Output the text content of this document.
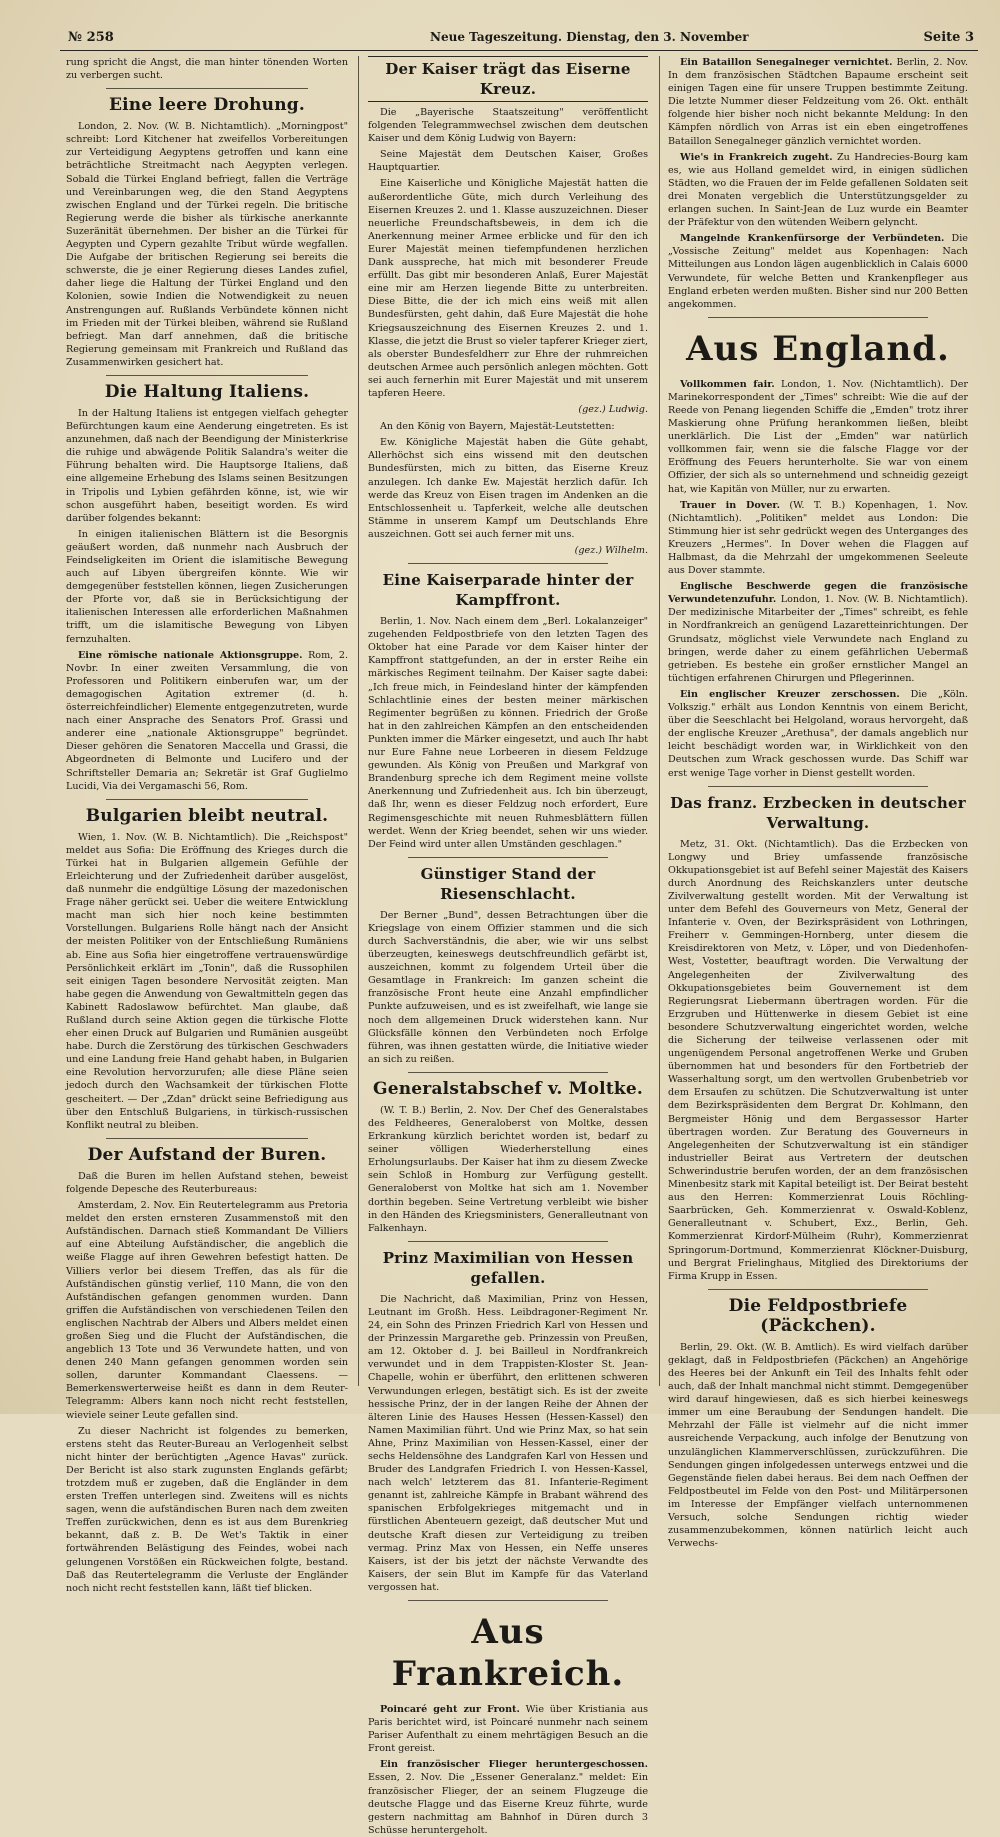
№ 258	Neue Tageszeitung. Dienstag, den 3. November	Seite 3

rung spricht die Angst, die man hinter tönenden Worten zu verbergen sucht.

Eine leere Drohung.

London, 2. Nov. (W. B. Nichtamtlich). „Morningpost" schreibt: Lord Kitchener hat zweifellos Vorbereitungen zur Verteidigung Aegyptens getroffen und kann eine beträchtliche Streitmacht nach Aegypten verlegen. Sobald die Türkei England befriegt, fallen die Verträge und Vereinbarungen weg, die den Stand Aegyptens zwischen England und der Türkei regeln. Die britische Regierung werde die bisher als türkische anerkannte Suzeränität übernehmen. Der bisher an die Türkei für Aegypten und Cypern gezahlte Tribut würde wegfallen. Die Aufgabe der britischen Regierung sei bereits die schwerste, die je einer Regierung dieses Landes zufiel, daher liege die Haltung der Türkei England und den Kolonien, sowie Indien die Notwendigkeit zu neuen Anstrengungen auf. Rußlands Verbündete können nicht im Frieden mit der Türkei bleiben, während sie Rußland befriegt. Man darf annehmen, daß die britische Regierung gemeinsam mit Frankreich und Rußland das Zusammenwirken gesichert hat.

Die Haltung Italiens.

In der Haltung Italiens ist entgegen vielfach gehegter Befürchtungen kaum eine Aenderung eingetreten. Es ist anzunehmen, daß nach der Beendigung der Ministerkrise die ruhige und abwägende Politik Salandra's weiter die Führung behalten wird. Die Hauptsorge Italiens, daß eine allgemeine Erhebung des Islams seinen Besitzungen in Tripolis und Lybien gefährden könne, ist, wie wir schon ausgeführt haben, beseitigt worden. Es wird darüber folgendes bekannt:

In einigen italienischen Blättern ist die Besorgnis geäußert worden, daß nunmehr nach Ausbruch der Feindseligkeiten im Orient die islamitische Bewegung auch auf Libyen übergreifen könnte. Wie wir demgegenüber feststellen können, liegen Zusicherungen der Pforte vor, daß sie in Berücksichtigung der italienischen Interessen alle erforderlichen Maßnahmen trifft, um die islamitische Bewegung von Libyen fernzuhalten.

Eine römische nationale Aktionsgruppe. Rom, 2. Novbr. In einer zweiten Versammlung, die von Professoren und Politikern einberufen war, um der demagogischen Agitation extremer (d. h. österreichfeindlicher) Elemente entgegenzutreten, wurde nach einer Ansprache des Senators Prof. Grassi und anderer eine „nationale Aktionsgruppe" begründet. Dieser gehören die Senatoren Maccella und Grassi, die Abgeordneten di Belmonte und Lucifero und der Schriftsteller Demaria an; Sekretär ist Graf Guglielmo Lucidi, Via dei Vergamaschi 56, Rom.

Bulgarien bleibt neutral.

Wien, 1. Nov. (W. B. Nichtamtlich). Die „Reichspost" meldet aus Sofia: Die Eröffnung des Krieges durch die Türkei hat in Bulgarien allgemein Gefühle der Erleichterung und der Zufriedenheit darüber ausgelöst, daß nunmehr die endgültige Lösung der mazedonischen Frage näher gerückt sei. Ueber die weitere Entwicklung macht man sich hier noch keine bestimmten Vorstellungen. Bulgariens Rolle hängt nach der Ansicht der meisten Politiker von der Entschließung Rumäniens ab. Eine aus Sofia hier eingetroffene vertrauenswürdige Persönlichkeit erklärt im „Tonin", daß die Russophilen seit einigen Tagen besondere Nervosität zeigten. Man habe gegen die Anwendung von Gewaltmitteln gegen das Kabinett Radoslawow befürchtet. Man glaube, daß Rußland durch seine Aktion gegen die türkische Flotte eher einen Druck auf Bulgarien und Rumänien ausgeübt habe. Durch die Zerstörung des türkischen Geschwaders und eine Landung freie Hand gehabt haben, in Bulgarien eine Revolution hervorzurufen; alle diese Pläne seien jedoch durch den Wachsamkeit der türkischen Flotte gescheitert. — Der „Zdan" drückt seine Befriedigung aus über den Entschluß Bulgariens, in türkisch-russischen Konflikt neutral zu bleiben.

Der Aufstand der Buren.

Daß die Buren im hellen Aufstand stehen, beweist folgende Depesche des Reuterbureaus:

Amsterdam, 2. Nov. Ein Reutertelegramm aus Pretoria meldet den ersten ernsteren Zusammenstoß mit den Aufständischen. Darnach stieß Kommandant De Villiers auf eine Abteilung Aufständischer, die angeblich die weiße Flagge auf ihren Gewehren befestigt hatten. De Villiers verlor bei diesem Treffen, das als für die Aufständischen günstig verlief, 110 Mann, die von den Aufständischen gefangen genommen wurden. Dann griffen die Aufständischen von verschiedenen Teilen den englischen Nachtrab der Albers und Albers meldet einen großen Sieg und die Flucht der Aufständischen, die angeblich 13 Tote und 36 Verwundete hatten, und von denen 240 Mann gefangen genommen worden sein sollen, darunter Kommandant Claessens. — Bemerkenswerterweise heißt es dann in dem Reuter-Telegramm: Albers kann noch nicht recht feststellen, wieviele seiner Leute gefallen sind.

Zu dieser Nachricht ist folgendes zu bemerken, erstens steht das Reuter-Bureau an Verlogenheit selbst nicht hinter der berüchtigten „Agence Havas" zurück. Der Bericht ist also stark zugunsten Englands gefärbt; trotzdem muß er zugeben, daß die Engländer in dem ersten Treffen unterlegen sind. Zweitens will es nichts sagen, wenn die aufständischen Buren nach dem zweiten Treffen zurückwichen, denn es ist aus dem Burenkrieg bekannt, daß z. B. De Wet's Taktik in einer fortwährenden Belästigung des Feindes, wobei nach gelungenen Vorstößen ein Rückweichen folgte, bestand. Daß das Reutertelegramm die Verluste der Engländer noch nicht recht feststellen kann, läßt tief blicken.

Der Kaiser trägt das Eiserne Kreuz.

Die „Bayerische Staatszeitung" veröffentlicht folgenden Telegrammwechsel zwischen dem deutschen Kaiser und dem König Ludwig von Bayern:

Seine Majestät dem Deutschen Kaiser, Großes Hauptquartier.

Eine Kaiserliche und Königliche Majestät hatten die außerordentliche Güte, mich durch Verleihung des Eisernen Kreuzes 2. und 1. Klasse auszuzeichnen. Dieser neuerliche Freundschaftsbeweis, in dem ich die Anerkennung meiner Armee erblicke und für den ich Eurer Majestät meinen tiefempfundenen herzlichen Dank ausspreche, hat mich mit besonderer Freude erfüllt. Das gibt mir besonderen Anlaß, Eurer Majestät eine mir am Herzen liegende Bitte zu unterbreiten. Diese Bitte, die der ich mich eins weiß mit allen Bundesfürsten, geht dahin, daß Eure Majestät die hohe Kriegsauszeichnung des Eisernen Kreuzes 2. und 1. Klasse, die jetzt die Brust so vieler tapferer Krieger ziert, als oberster Bundesfeldherr zur Ehre der ruhmreichen deutschen Armee auch persönlich anlegen möchten. Gott sei auch fernerhin mit Eurer Majestät und mit unserem tapferen Heere.

(gez.) Ludwig.

An den König von Bayern, Majestät-Leutstetten:

Ew. Königliche Majestät haben die Güte gehabt, Allerhöchst sich eins wissend mit den deutschen Bundesfürsten, mich zu bitten, das Eiserne Kreuz anzulegen. Ich danke Ew. Majestät herzlich dafür. Ich werde das Kreuz von Eisen tragen im Andenken an die Entschlossenheit u. Tapferkeit, welche alle deutschen Stämme in unserem Kampf um Deutschlands Ehre auszeichnen. Gott sei auch ferner mit uns.

(gez.) Wilhelm.

Eine Kaiserparade hinter der Kampffront.

Berlin, 1. Nov. Nach einem dem „Berl. Lokalanzeiger" zugehenden Feldpostbriefe von den letzten Tagen des Oktober hat eine Parade vor dem Kaiser hinter der Kampffront stattgefunden, an der in erster Reihe ein märkisches Regiment teilnahm. Der Kaiser sagte dabei: „Ich freue mich, in Feindesland hinter der kämpfenden Schlachtlinie eines der besten meiner märkischen Regimenter begrüßen zu können. Friedrich der Große hat in den zahlreichen Kämpfen an den entscheidenden Punkten immer die Märker eingesetzt, und auch Ihr habt nur Eure Fahne neue Lorbeeren in diesem Feldzuge gewunden. Als König von Preußen und Markgraf von Brandenburg spreche ich dem Regiment meine vollste Anerkennung und Zufriedenheit aus. Ich bin überzeugt, daß Ihr, wenn es dieser Feldzug noch erfordert, Eure Regimensgeschichte mit neuen Ruhmesblättern füllen werdet. Wenn der Krieg beendet, sehen wir uns wieder. Der Feind wird unter allen Umständen geschlagen."

Günstiger Stand der Riesenschlacht.

Der Berner „Bund", dessen Betrachtungen über die Kriegslage von einem Offizier stammen und die sich durch Sachverständnis, die aber, wie wir uns selbst überzeugten, keineswegs deutschfreundlich gefärbt ist, auszeichnen, kommt zu folgendem Urteil über die Gesamtlage in Frankreich: Im ganzen scheint die französische Front heute eine Anzahl empfindlicher Punkte aufzuweisen, und es ist zweifelhaft, wie lange sie noch dem allgemeinen Druck widerstehen kann. Nur Glücksfälle können den Verbündeten noch Erfolge führen, was ihnen gestatten würde, die Initiative wieder an sich zu reißen.

Generalstabschef v. Moltke.

(W. T. B.) Berlin, 2. Nov. Der Chef des Generalstabes des Feldheeres, Generaloberst von Moltke, dessen Erkrankung kürzlich berichtet worden ist, bedarf zu seiner völligen Wiederherstellung eines Erholungsurlaubs. Der Kaiser hat ihm zu diesem Zwecke sein Schloß in Homburg zur Verfügung gestellt. Generaloberst von Moltke hat sich am 1. November dorthin begeben. Seine Vertretung verbleibt wie bisher in den Händen des Kriegsministers, Generalleutnant von Falkenhayn.

Prinz Maximilian von Hessen gefallen.

Die Nachricht, daß Maximilian, Prinz von Hessen, Leutnant im Großh. Hess. Leibdragoner-Regiment Nr. 24, ein Sohn des Prinzen Friedrich Karl von Hessen und der Prinzessin Margarethe geb. Prinzessin von Preußen, am 12. Oktober d. J. bei Bailleul in Nordfrankreich verwundet und in dem Trappisten-Kloster St. Jean-Chapelle, wohin er überführt, den erlittenen schweren Verwundungen erlegen, bestätigt sich. Es ist der zweite hessische Prinz, der in der langen Reihe der Ahnen der älteren Linie des Hauses Hessen (Hessen-Kassel) den Namen Maximilian führt. Und wie Prinz Max, so hat sein Ahne, Prinz Maximilian von Hessen-Kassel, einer der sechs Heldensöhne des Landgrafen Karl von Hessen und Bruder des Landgrafen Friedrich I. von Hessen-Kassel, nach welch' letzterem das 81. Infanterie-Regiment genannt ist, zahlreiche Kämpfe in Brabant während des spanischen Erbfolgekrieges mitgemacht und in fürstlichen Abenteuern gezeigt, daß deutscher Mut und deutsche Kraft diesen zur Verteidigung zu treiben vermag. Prinz Max von Hessen, ein Neffe unseres Kaisers, ist der bis jetzt der nächste Verwandte des Kaisers, der sein Blut im Kampfe für das Vaterland vergossen hat.

Aus Frankreich.

Poincaré geht zur Front. Wie über Kristiania aus Paris berichtet wird, ist Poincaré nunmehr nach seinem Pariser Aufenthalt zu einem mehrtägigen Besuch an die Front gereist.

Ein französischer Flieger heruntergeschossen. Essen, 2. Nov. Die „Essener Generalanz." meldet: Ein französischer Flieger, der an seinem Flugzeuge die deutsche Flagge und das Eiserne Kreuz führte, wurde gestern nachmittag am Bahnhof in Düren durch 3 Schüsse heruntergeholt.

Ein Bataillon Senegalneger vernichtet. Berlin, 2. Nov. In dem französischen Städtchen Bapaume erscheint seit einigen Tagen eine für unsere Truppen bestimmte Zeitung. Die letzte Nummer dieser Feldzeitung vom 26. Okt. enthält folgende hier bisher noch nicht bekannte Meldung: In den Kämpfen nördlich von Arras ist ein eben eingetroffenes Bataillon Senegalneger gänzlich vernichtet worden.

Wie's in Frankreich zugeht. Zu Handrecies-Bourg kam es, wie aus Holland gemeldet wird, in einigen südlichen Städten, wo die Frauen der im Felde gefallenen Soldaten seit drei Monaten vergeblich die Unterstützungsgelder zu erlangen suchen. In Saint-Jean de Luz wurde ein Beamter der Präfektur von den wütenden Weibern gelyncht.

Mangelnde Krankenfürsorge der Verbündeten. Die „Vossische Zeitung" meldet aus Kopenhagen: Nach Mitteilungen aus London lägen augenblicklich in Calais 6000 Verwundete, für welche Betten und Krankenpfleger aus England erbeten werden mußten. Bisher sind nur 200 Betten angekommen.

Aus England.

Vollkommen fair. London, 1. Nov. (Nichtamtlich). Der Marinekorrespondent der „Times" schreibt: Wie die auf der Reede von Penang liegenden Schiffe die „Emden" trotz ihrer Maskierung ohne Prüfung herankommen ließen, bleibt unerklärlich. Die List der „Emden" war natürlich vollkommen fair, wenn sie die falsche Flagge vor der Eröffnung des Feuers herunterholte. Sie war von einem Offizier, der sich als so unternehmend und schneidig gezeigt hat, wie Kapitän von Müller, nur zu erwarten.

Trauer in Dover. (W. T. B.) Kopenhagen, 1. Nov. (Nichtamtlich). „Politiken" meldet aus London: Die Stimmung hier ist sehr gedrückt wegen des Unterganges des Kreuzers „Hermes". In Dover wehen die Flaggen auf Halbmast, da die Mehrzahl der umgekommenen Seeleute aus Dover stammte.

Englische Beschwerde gegen die französische Verwundetenzufuhr. London, 1. Nov. (W. B. Nichtamtlich). Der medizinische Mitarbeiter der „Times" schreibt, es fehle in Nordfrankreich an genügend Lazaretteinrichtungen. Der Grundsatz, möglichst viele Verwundete nach England zu bringen, werde daher zu einem gefährlichen Uebermaß getrieben. Es bestehe ein großer ernstlicher Mangel an tüchtigen erfahrenen Chirurgen und Pflegerinnen.

Ein englischer Kreuzer zerschossen. Die „Köln. Volkszig." erhält aus London Kenntnis von einem Bericht, über die Seeschlacht bei Helgoland, woraus hervorgeht, daß der englische Kreuzer „Arethusa", der damals angeblich nur leicht beschädigt worden war, in Wirklichkeit von den Deutschen zum Wrack geschossen wurde. Das Schiff war erst wenige Tage vorher in Dienst gestellt worden.

Das franz. Erzbecken in deutscher Verwaltung.

Metz, 31. Okt. (Nichtamtlich). Das die Erzbecken von Longwy und Briey umfassende französische Okkupationsgebiet ist auf Befehl seiner Majestät des Kaisers durch Anordnung des Reichskanzlers unter deutsche Zivilverwaltung gestellt worden. Mit der Verwaltung ist unter dem Befehl des Gouverneurs von Metz, General der Infanterie v. Oven, der Bezirkspräsident von Lothringen, Freiherr v. Gemmingen-Hornberg, unter diesem die Kreisdirektoren von Metz, v. Löper, und von Diedenhofen-West, Vostetter, beauftragt worden. Die Verwaltung der Angelegenheiten der Zivilverwaltung des Okkupationsgebietes beim Gouvernement ist dem Regierungsrat Liebermann übertragen worden. Für die Erzgruben und Hüttenwerke in diesem Gebiet ist eine besondere Schutzverwaltung eingerichtet worden, welche die Sicherung der teilweise verlassenen oder mit ungenügendem Personal angetroffenen Werke und Gruben übernommen hat und besonders für den Fortbetrieb der Wasserhaltung sorgt, um den wertvollen Grubenbetrieb vor dem Ersaufen zu schützen. Die Schutzverwaltung ist unter dem Bezirkspräsidenten dem Bergrat Dr. Kohlmann, den Bergmeister Hönig und dem Bergassessor Harter übertragen worden. Zur Beratung des Gouverneurs in Angelegenheiten der Schutzverwaltung ist ein ständiger industrieller Beirat aus Vertretern der deutschen Schwerindustrie berufen worden, der an dem französischen Minenbesitz stark mit Kapital beteiligt ist. Der Beirat besteht aus den Herren: Kommerzienrat Louis Röchling-Saarbrücken, Geh. Kommerzienrat v. Oswald-Koblenz, Generalleutnant v. Schubert, Exz., Berlin, Geh. Kommerzienrat Kirdorf-Mülheim (Ruhr), Kommerzienrat Springorum-Dortmund, Kommerzienrat Klöckner-Duisburg, und Bergrat Frielinghaus, Mitglied des Direktoriums der Firma Krupp in Essen.

Die Feldpostbriefe (Päckchen).

Berlin, 29. Okt. (W. B. Amtlich). Es wird vielfach darüber geklagt, daß in Feldpostbriefen (Päckchen) an Angehörige des Heeres bei der Ankunft ein Teil des Inhalts fehlt oder auch, daß der Inhalt manchmal nicht stimmt. Demgegenüber wird darauf hingewiesen, daß es sich hierbei keineswegs immer um eine Beraubung der Sendungen handelt. Die Mehrzahl der Fälle ist vielmehr auf die nicht immer ausreichende Verpackung, auch infolge der Benutzung von unzulänglichen Klammerverschlüssen, zurückzuführen. Die Sendungen gingen infolgedessen unterwegs entzwei und die Gegenstände fielen dabei heraus. Bei dem nach Oeffnen der Feldpostbeutel im Felde von den Post- und Militärpersonen im Interesse der Empfänger vielfach unternommenen Versuch, solche Sendungen richtig wieder zusammenzubekommen, können natürlich leicht auch Verwechs-
